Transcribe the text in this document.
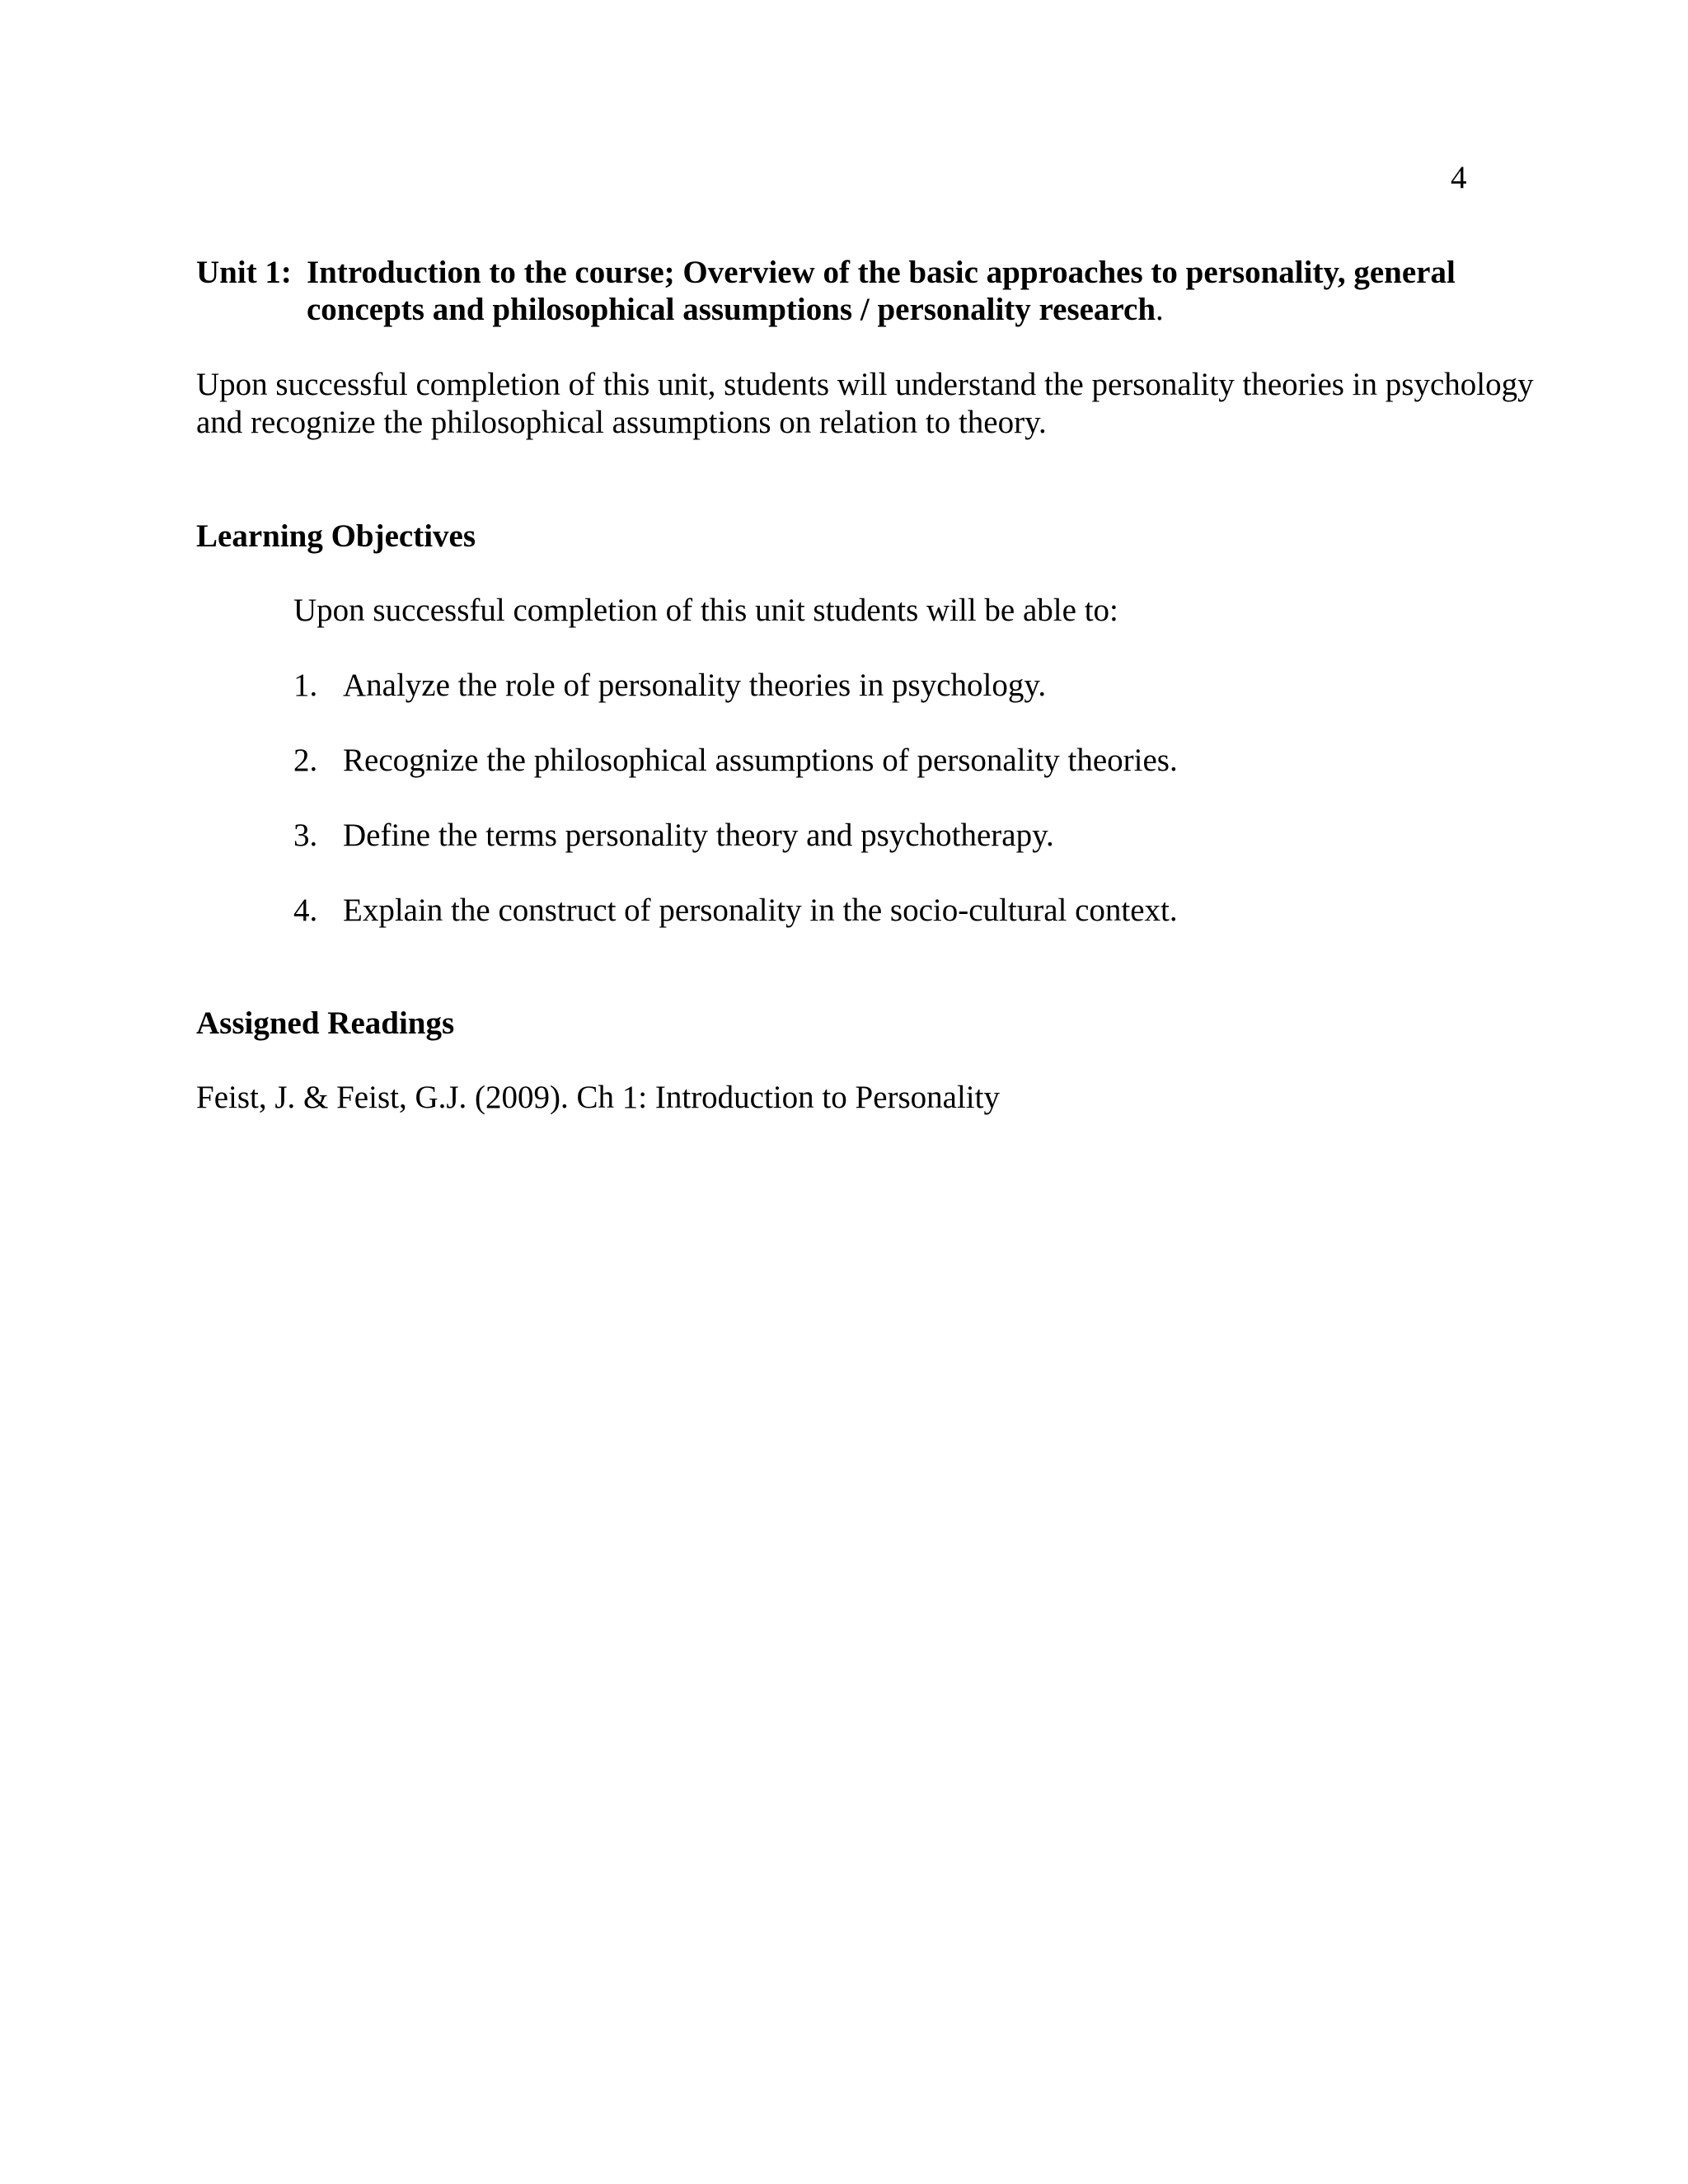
4
Unit 1: Introduction to the course; Overview of the basic approaches to personality, general
concepts and philosophical assumptions / personality research.
Upon successful completion of this unit, students will understand the personality theories in psychology
and recognize the philosophical assumptions on relation to theory.
Learning Objectives
Upon successful completion of this unit students will be able to:
1. Analyze the role of personality theories in psychology.
2. Recognize the philosophical assumptions of personality theories.
3. Define the terms personality theory and psychotherapy.
4. Explain the construct of personality in the socio-cultural context.
Assigned Readings
Feist, J. & Feist, G.J. (2009). Ch 1: Introduction to Personality
